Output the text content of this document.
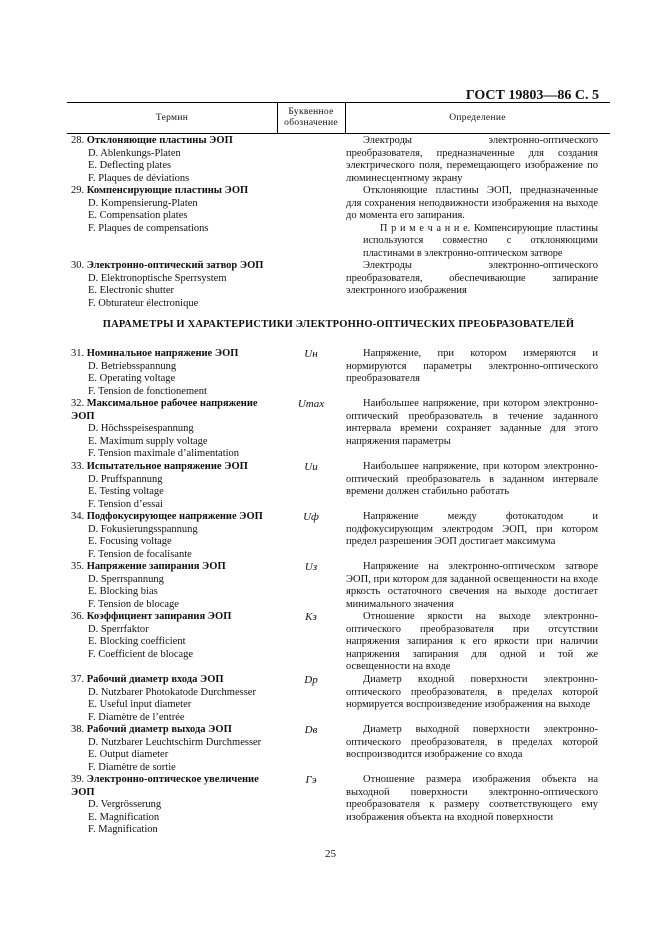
ГОСТ 19803—86 С. 5
Термин
Буквенное обозначение
Определение
28. Отклоняющие пластины ЭОП
D. Ablenkungs-Platen
E. Deflecting plates
F. Plaques de déviations

Электроды электронно-оптического преобразователя, предназначенные для создания электрического поля, перемещающего изображение по люминесцентному экрану

29. Компенсирующие пластины ЭОП
D. Kompensierung-Platen
E. Compensation plates
F. Plaques de compensations

Отклоняющие пластины ЭОП, предназначенные для сохранения неподвижности изображения на выходе до момента его запирания.

П р и м е ч а н и е. Компенсирующие пластины используются совместно с отклоняющими пластинами в электронно-оптическом затворе

30. Электронно-оптический затвор ЭОП
D. Elektronoptische Sperrsystem
E. Electronic shutter
F. Obturateur électronique

Электроды электронно-оптического преобразователя, обеспечивающие запирание электронного изображения

ПАРАМЕТРЫ И ХАРАКТЕРИСТИКИ ЭЛЕКТРОННО-ОПТИЧЕСКИХ ПРЕОБРАЗОВАТЕЛЕЙ
31. Номинальное напряжение ЭОП
D. Betriebsspannung
E. Operating voltage
F. Tension de fonctionement
Uн	Напряжение, при котором измеряются и нормируются параметры электронно-оптического преобразователя

32. Максимальное рабочее напряжение ЭОП
D. Höchsspeisespannung
E. Maximum supply voltage
F. Tension maximale d’alimentation
Umax	Наибольшее напряжение, при котором электронно-оптический преобразователь в течение заданного интервала времени сохраняет заданные для этого напряжения параметры

33. Испытательное напряжение ЭОП
D. Pruffspannung
E. Testing voltage
F. Tension d’essai
Uи	Наибольшее напряжение, при котором электронно-оптический преобразователь в заданном интервале времени должен стабильно работать

34. Подфокусирующее напряжение ЭОП
D. Fokusierungsspannung
E. Focusing voltage
F. Tension de focalisante
Uф	Напряжение между фотокатодом и подфокусирующим электродом ЭОП, при котором предел разрешения ЭОП достигает максимума

35. Напряжение запирания ЭОП
D. Sperrspannung
E. Blocking bias
F. Tension de blocage
Uз	Напряжение на электронно-оптическом затворе ЭОП, при котором для заданной освещенности на входе яркость остаточного свечения на выходе достигает минимального значения

36. Коэффициент запирания ЭОП
D. Sperrfaktor
E. Blocking coefficient
F. Coefficient de blocage
Kз	Отношение яркости на выходе электронно-оптического преобразователя при отсутствии напряжения запирания к его яркости при наличии напряжения запирания для одной и той же освещенности на входе

37. Рабочий диаметр входа ЭОП
D. Nutzbarer Photokatode Durchmesser
E. Useful input diameter
F. Diamètre de l’entrée
Dр	Диаметр входной поверхности электронно-оптического преобразователя, в пределах которой нормируется воспроизведение изображения на выходе

38. Рабочий диаметр выхода ЭОП
D. Nutzbarer Leuchtschirm Durchmesser
E. Output diameter
F. Diamètre de sortie
Dв	Диаметр выходной поверхности электронно-оптического преобразователя, в пределах которой воспроизводится изображение со входа

39. Электронно-оптическое увеличение ЭОП
D. Vergrösserung
E. Magnification
F. Magnification
Гэ	Отношение размера изображения объекта на выходной поверхности электронно-оптического преобразователя к размеру соответствующего ему изображения объекта на входной поверхности

25
